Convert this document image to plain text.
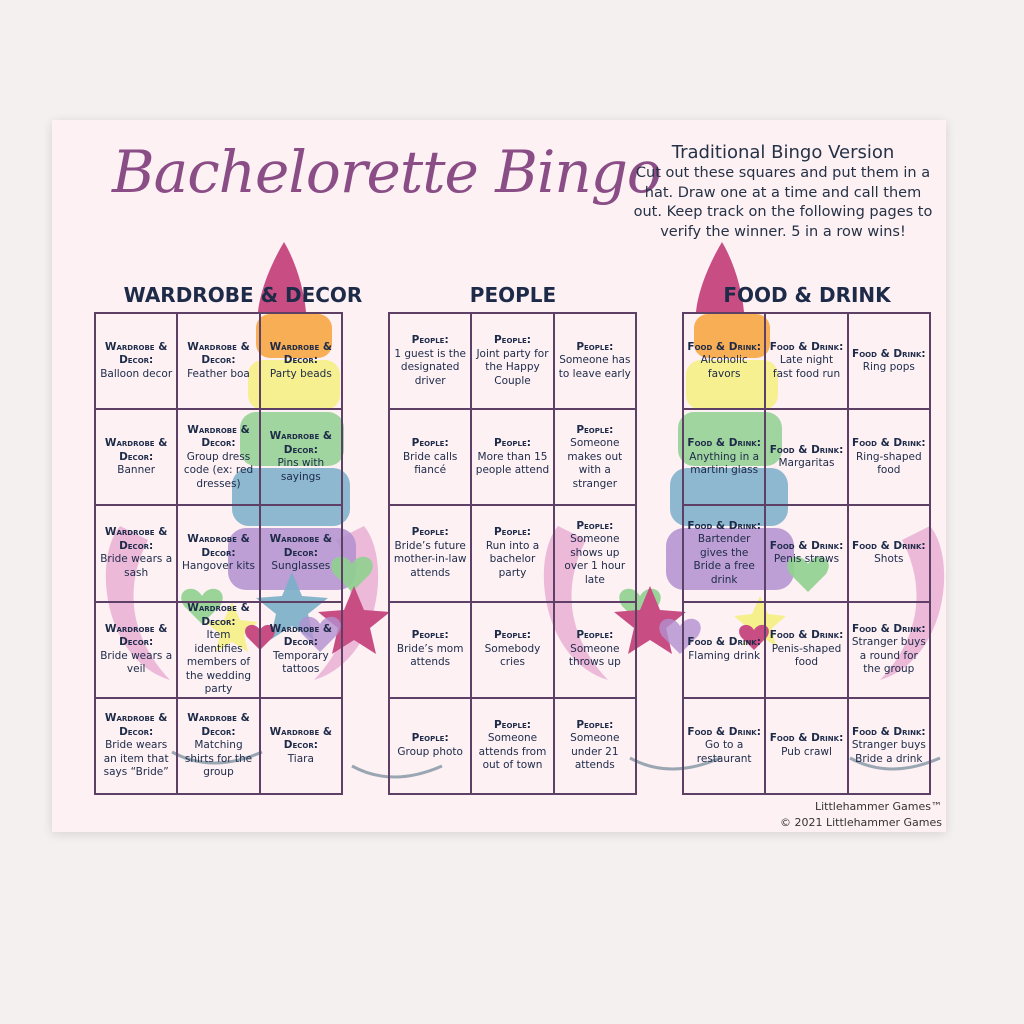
Bachelorette Bingo Traditional Bingo Version
Cut out these squares and put them in a hat. Draw one at a time and call them out. Keep track on the following pages to verify the winner. 5 in a row wins!
WARDROBE & DECOR	PEOPLE	FOOD & DRINK
Wardrobe & Decor:
Balloon decor
Wardrobe & Decor:
Feather boa
Wardrobe & Decor:
Party beads
Wardrobe & Decor:
Banner
Wardrobe & Decor:
Group dress code (ex: red dresses)
Wardrobe & Decor:
Pins with sayings
Wardrobe & Decor:
Bride wears a sash
Wardrobe & Decor:
Hangover kits
Wardrobe & Decor:
Sunglasses
Wardrobe & Decor:
Bride wears a veil
Wardrobe & Decor:
Item identifies members of the wedding party
Wardrobe & Decor:
Temporary tattoos
Wardrobe & Decor:
Bride wears an item that says “Bride”
Wardrobe & Decor:
Matching shirts for the group
Wardrobe & Decor:
Tiara
People:
1 guest is the designated driver
People:
Joint party for the Happy Couple
People:
Someone has to leave early
People:
Bride calls fiancé
People:
More than 15 people attend
People:
Someone makes out with a stranger
People:
Bride’s future mother-in-law attends
People:
Run into a bachelor party
People:
Someone shows up over 1 hour late
People:
Bride’s mom attends
People:
Somebody cries
People:
Someone throws up
People:
Group photo
People:
Someone attends from out of town
People:
Someone under 21 attends
Food & Drink:
Alcoholic favors
Food & Drink:
Late night fast food run
Food & Drink:
Ring pops
Food & Drink:
Anything in a martini glass
Food & Drink:
Margaritas
Food & Drink:
Ring-shaped food
Food & Drink:
Bartender gives the Bride a free drink
Food & Drink:
Penis straws
Food & Drink:
Shots
Food & Drink:
Flaming drink
Food & Drink:
Penis-shaped food
Food & Drink:
Stranger buys a round for the group
Food & Drink:
Go to a restaurant
Food & Drink:
Pub crawl
Food & Drink:
Stranger buys Bride a drink
Littlehammer Games™
© 2021 Littlehammer Games
